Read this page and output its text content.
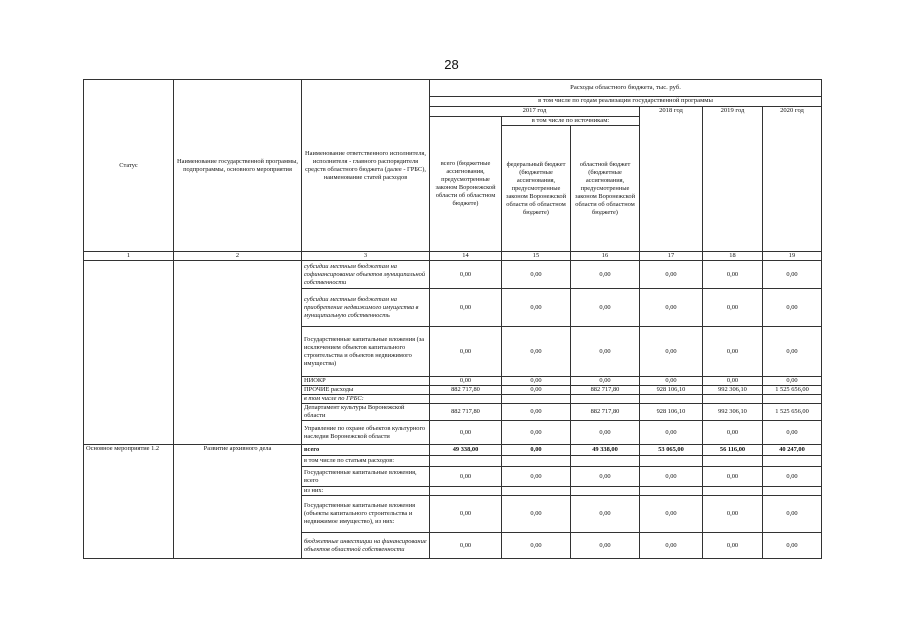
28
Статус	Наименование государственной программы, подпрограммы, основного мероприятия	Наименование ответственного исполнителя, исполнителя - главного распорядителя средств областного бюджета (далее - ГРБС), наименование статей расходов	Расходы областного бюджета, тыс. руб.					
			в том числе по годам реализации государственной программы					
			2017 год			2018 год	2019 год	2020 год
			всего (бюджетные ассигнования, предусмотренные законом Воронежской области об областном бюджете)	в том числе по источникам:				
				федеральный бюджет (бюджетные ассигнования, предусмотренные законом Воронежской области об областном бюджете)	областной бюджет (бюджетные ассигнования, предусмотренные законом Воронежской области об областном бюджете)			
1	2	3	14	15	16	17	18	19
		субсидии местным бюджетам на софинансирование объектов муниципальной собственности	0,00	0,00	0,00	0,00	0,00	0,00
		субсидии местным бюджетам на приобретение недвижимого имущества в муниципальную собственность	0,00	0,00	0,00	0,00	0,00	0,00
		Государственные капитальные вложения (за исключением объектов капитального строительства и объектов недвижимого имущества)	0,00	0,00	0,00	0,00	0,00	0,00
		НИОКР	0,00	0,00	0,00	0,00	0,00	0,00
		ПРОЧИЕ расходы	882 717,80	0,00	882 717,80	928 106,10	992 306,10	1 525 656,00
		в том числе по ГРБС:						
		Департамент культуры Воронежской области	882 717,80	0,00	882 717,80	928 106,10	992 306,10	1 525 656,00
		Управление по охране объектов культурного наследия Воронежской области	0,00	0,00	0,00	0,00	0,00	0,00
Основное мероприятие 1.2	Развитие архивного дела	всего	49 338,00	0,00	49 338,00	53 065,00	56 116,00	40 247,00
		в том числе по статьям расходов:						
		Государственные капитальные вложения, всего	0,00	0,00	0,00	0,00	0,00	0,00
		из них:						
		Государственные капитальные вложения (объекты капитального строительства и недвижимое имущество), из них:	0,00	0,00	0,00	0,00	0,00	0,00
		бюджетные инвестиции на финансирование объектов областной собственности	0,00	0,00	0,00	0,00	0,00	0,00
